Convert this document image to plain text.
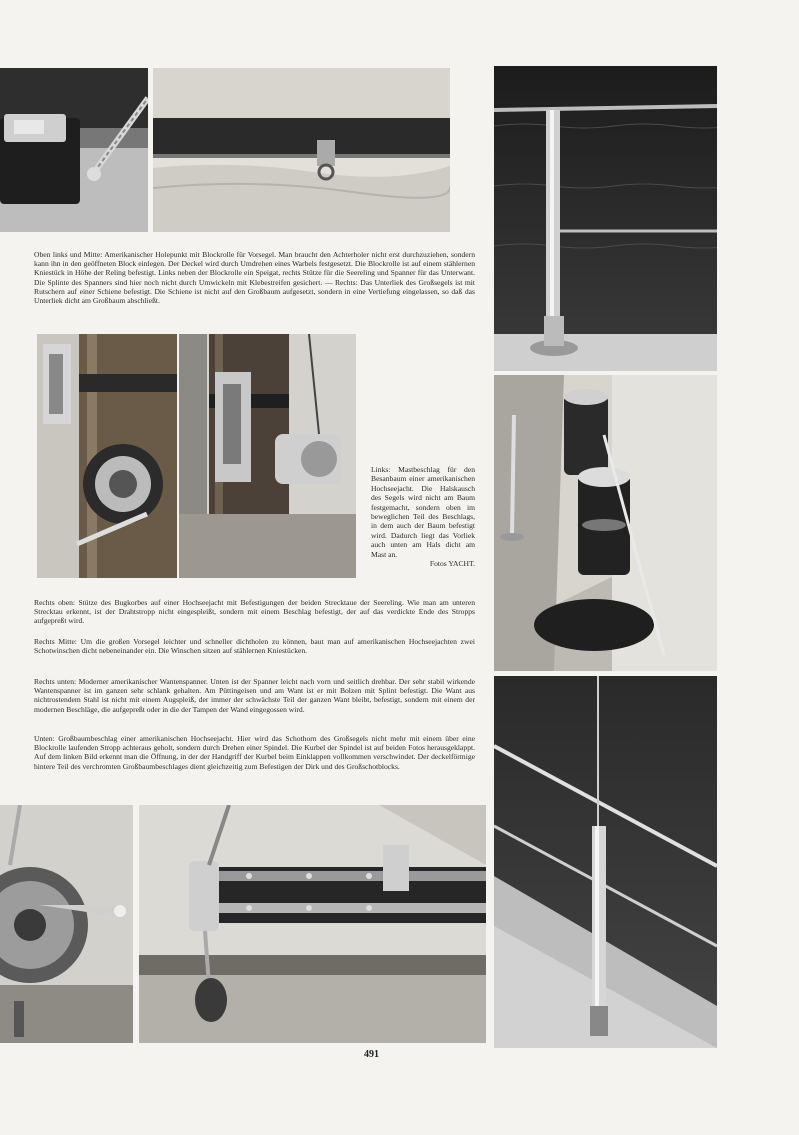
Oben links und Mitte: Amerikanischer Holepunkt mit Blockrolle für Vorsegel. Man braucht den Achterholer nicht erst durchzuziehen, sondern kann ihn in den geöffneten Block einlegen. Der Deckel wird durch Umdrehen eines Warbels festgesetzt. Die Blockrolle ist auf einem stählernen Kniestück in Höhe der Reling befestigt. Links neben der Blockrolle ein Speigat, rechts Stütze für die Seereling und Spanner für das Unterwant. Die Splinte des Spanners sind hier noch nicht durch Umwickeln mit Klebestreifen gesichert. — Rechts: Das Unterliek des Großsegels ist mit Rutschern auf einer Schiene befestigt. Die Schiene ist nicht auf den Großbaum aufgesetzt, sondern in eine Vertiefung eingelassen, so daß das Unterliek dicht am Großbaum abschließt.

Links: Mastbeschlag für den Besanbaum einer amerikanischen Hochseejacht. Die Halskausch des Segels wird nicht am Baum festgemacht, sondern oben im beweglichen Teil des Beschlags, in dem auch der Baum befestigt wird. Dadurch liegt das Vorliek auch unten am Hals dicht am Mast an.
Fotos YACHT.

Rechts oben: Stütze des Bugkorbes auf einer Hochseejacht mit Befestigungen der beiden Strecktaue der Seereling. Wie man am unteren Strecktau erkennt, ist der Drahtstropp nicht eingespleißt, sondern mit einem Beschlag befestigt, der auf das verdickte Ende des Stropps aufgepreßt wird.

Rechts Mitte: Um die großen Vorsegel leichter und schneller dichtholen zu können, baut man auf amerikanischen Hochseejachten zwei Schotwinschen dicht nebeneinander ein. Die Winschen sitzen auf stählernen Kniestücken.

Rechts unten: Moderner amerikanischer Wantenspanner. Unten ist der Spanner leicht nach vorn und seitlich drehbar. Der sehr stabil wirkende Wantenspanner ist im ganzen sehr schlank gehalten. Am Püttingeisen und am Want ist er mit Bolzen mit Splint befestigt. Die Want aus nichtrostendem Stahl ist nicht mit einem Augspleiß, der immer der schwächste Teil der ganzen Want bleibt, befestigt, sondern mit einem der modernen Beschläge, die aufgepreßt oder in die der Tampen der Wand eingegossen wird.

Unten: Großbaumbeschlag einer amerikanischen Hochseejacht. Hier wird das Schothorn des Großsegels nicht mehr mit einem über eine Blockrolle laufenden Stropp achteraus geholt, sondern durch Drehen einer Spindel. Die Kurbel der Spindel ist auf beiden Fotos herausgeklappt. Auf dem linken Bild erkennt man die Öffnung, in der der Handgriff der Kurbel beim Einklappen vollkommen verschwindet. Der deckelförmige hintere Teil des verchromten Großbaumbeschlages dient gleichzeitig zum Befestigen der Dirk und des Großschotblocks.

491
